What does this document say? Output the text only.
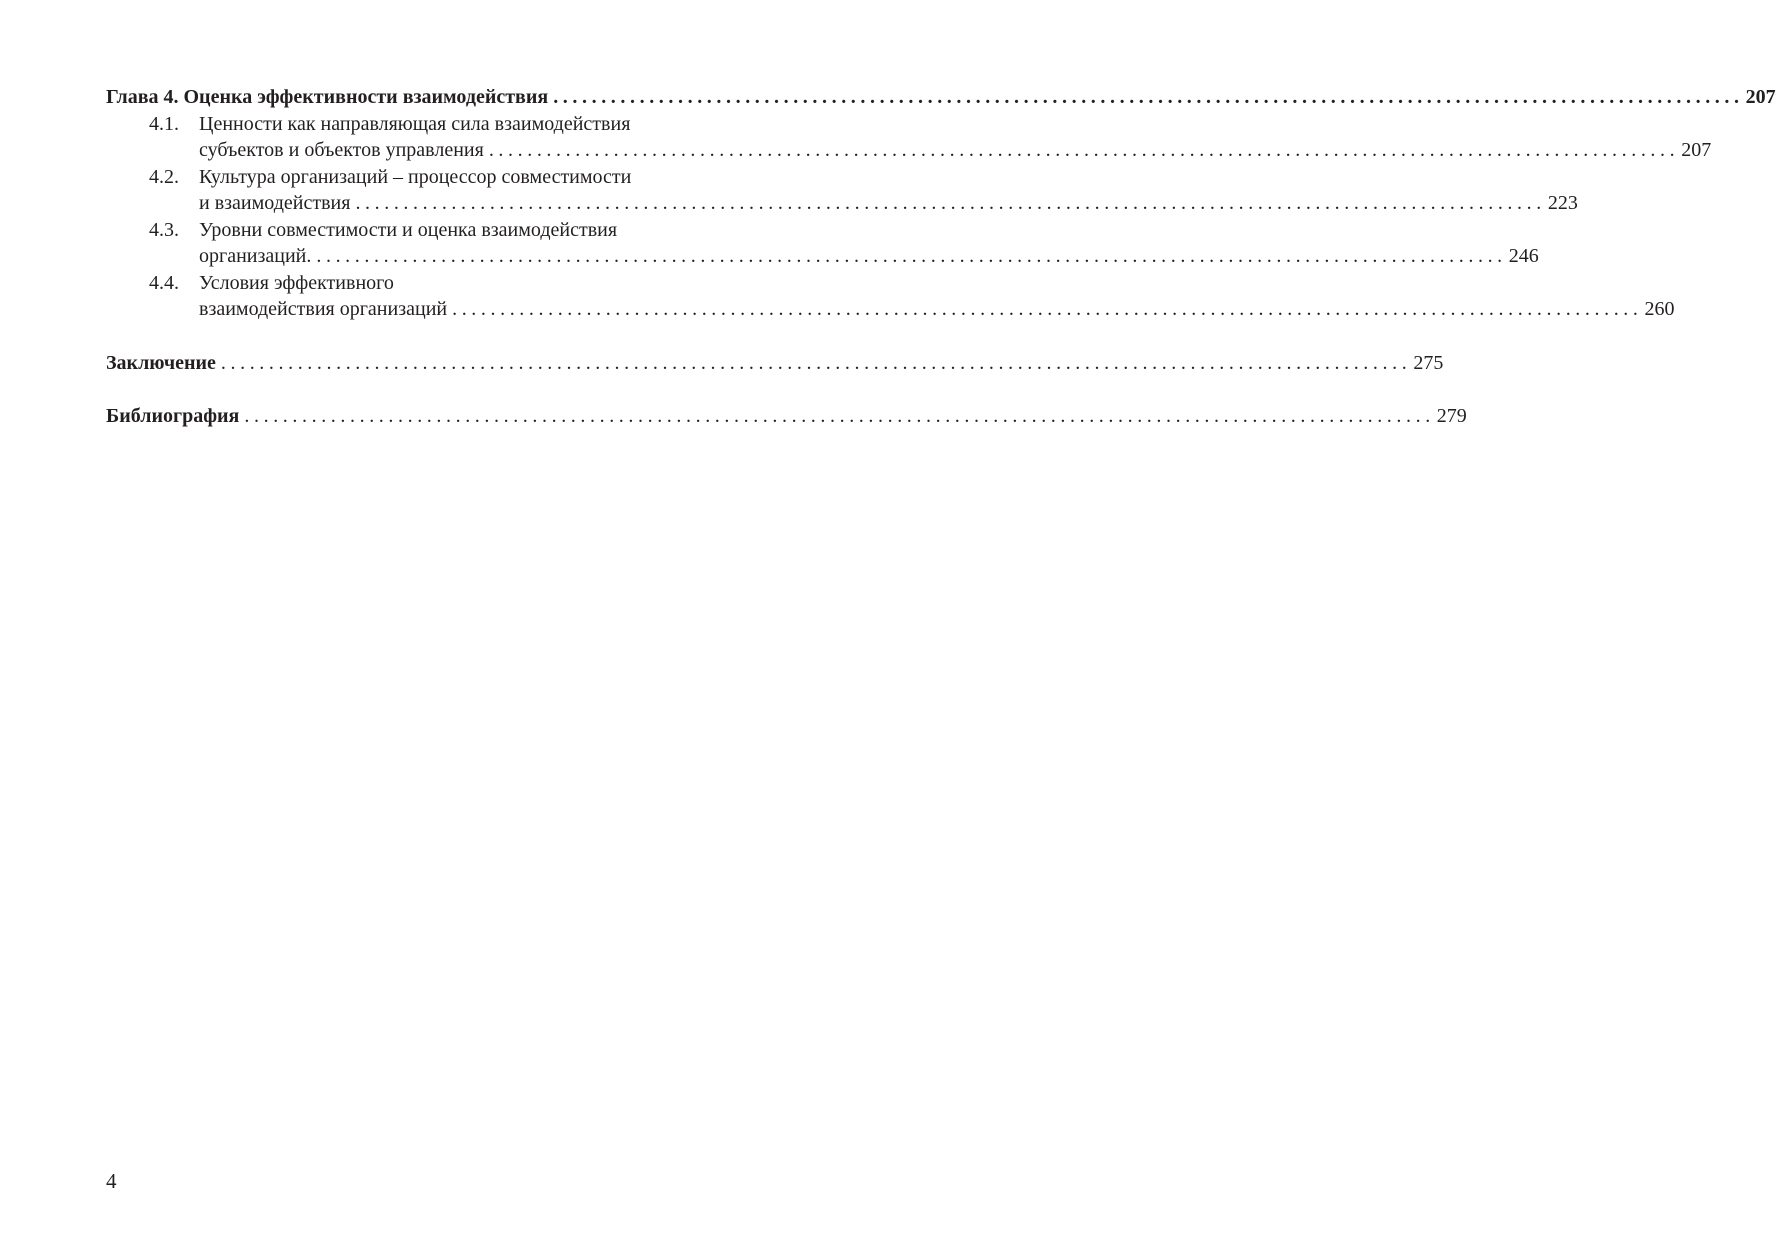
Глава 4. Оценка эффективности взаимодействия ............................................................................................................................ 207
4.1.	Ценности как направляющая сила взаимодействия
субъектов и объектов управления ............................................................................................................................ 207
4.2.	Культура организаций – процессор совместимости
и взаимодействия ............................................................................................................................ 223
4.3.	Уровни совместимости и оценка взаимодействия
организаций. ............................................................................................................................ 246
4.4.	Условия эффективного
взаимодействия организаций ............................................................................................................................ 260
Заключение ............................................................................................................................ 275
Библиография ............................................................................................................................ 279
4
